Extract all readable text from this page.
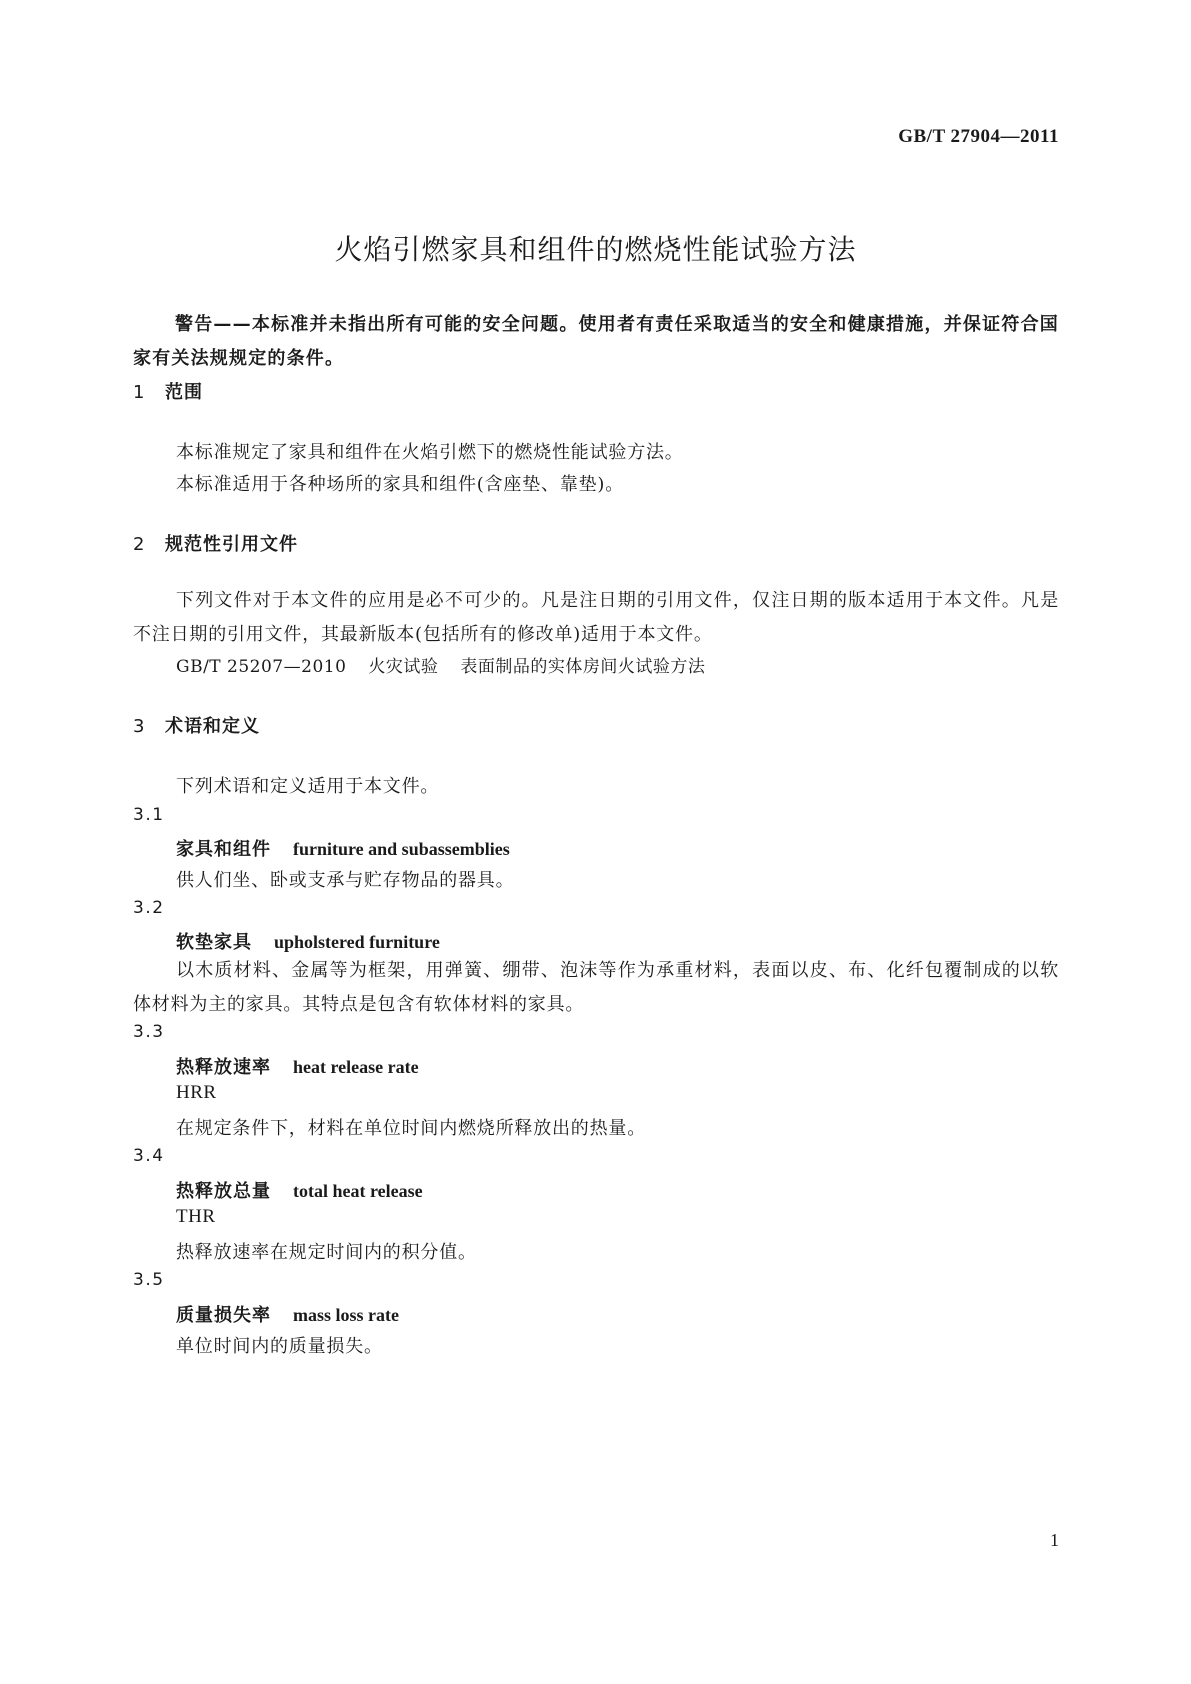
GB/T 27904—2011
火焰引燃家具和组件的燃烧性能试验方法
警告——本标准并未指出所有可能的安全问题。使用者有责任采取适当的安全和健康措施，并保证符合国家有关法规规定的条件。
1 范围
本标准规定了家具和组件在火焰引燃下的燃烧性能试验方法。
本标准适用于各种场所的家具和组件(含座垫、靠垫)。
2 规范性引用文件
下列文件对于本文件的应用是必不可少的。凡是注日期的引用文件，仅注日期的版本适用于本文件。凡是不注日期的引用文件，其最新版本(包括所有的修改单)适用于本文件。
GB/T 25207—2010 火灾试验 表面制品的实体房间火试验方法
3 术语和定义
下列术语和定义适用于本文件。
3.1
家具和组件 furniture and subassemblies
供人们坐、卧或支承与贮存物品的器具。
3.2
软垫家具 upholstered furniture
以木质材料、金属等为框架，用弹簧、绷带、泡沫等作为承重材料，表面以皮、布、化纤包覆制成的以软体材料为主的家具。其特点是包含有软体材料的家具。
3.3
热释放速率 heat release rate
HRR
在规定条件下，材料在单位时间内燃烧所释放出的热量。
3.4
热释放总量 total heat release
THR
热释放速率在规定时间内的积分值。
3.5
质量损失率 mass loss rate
单位时间内的质量损失。
1
